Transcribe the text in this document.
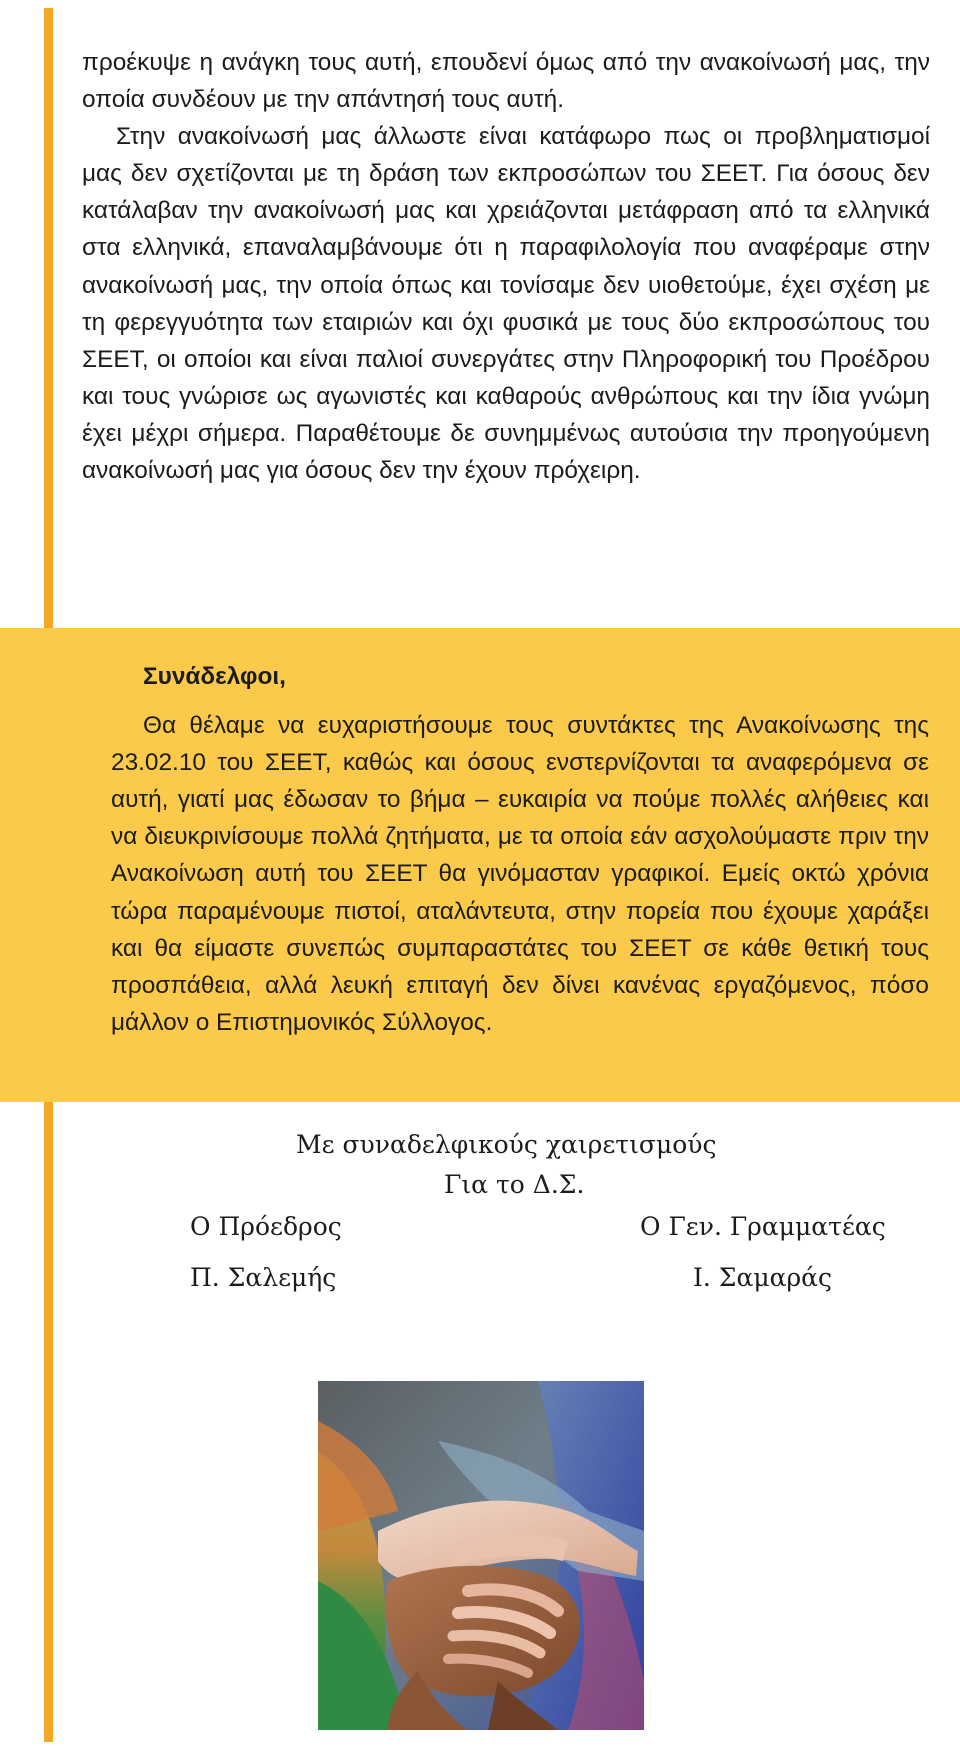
προέκυψε η ανάγκη τους αυτή, επουδενί όμως από την ανακοίνωσή μας, την οποία συνδέουν με την απάντησή τους αυτή.

Στην ανακοίνωσή μας άλλωστε είναι κατάφωρο πως οι προβληματισμοί μας δεν σχετίζονται με τη δράση των εκπροσώπων του ΣΕΕΤ. Για όσους δεν κατάλαβαν την ανακοίνωσή μας και χρειάζονται μετάφραση από τα ελληνικά στα ελληνικά, επαναλαμβάνουμε ότι η παραφιλολογία που αναφέραμε στην ανακοίνωσή μας, την οποία όπως και τονίσαμε δεν υιοθετούμε, έχει σχέση με τη φερεγγυότητα των εταιριών και όχι φυσικά με τους δύο εκπροσώπους του ΣΕΕΤ, οι οποίοι και είναι παλιοί συνεργάτες στην Πληροφορική του Προέδρου και τους γνώρισε ως αγωνιστές και καθαρούς ανθρώπους και την ίδια γνώμη έχει μέχρι σήμερα. Παραθέτουμε δε συνημμένως αυτούσια την προηγούμενη ανακοίνωσή μας για όσους δεν την έχουν πρόχειρη.

Συνάδελφοι,

Θα θέλαμε να ευχαριστήσουμε τους συντάκτες της Ανακοίνωσης της 23.02.10 του ΣΕΕΤ, καθώς και όσους ενστερνίζονται τα αναφερόμενα σε αυτή, γιατί μας έδωσαν το βήμα – ευκαιρία να πούμε πολλές αλήθειες και να διευκρινίσουμε πολλά ζητήματα, με τα οποία εάν ασχολούμαστε πριν την Ανακοίνωση αυτή του ΣΕΕΤ θα γινόμασταν γραφικοί. Εμείς οκτώ χρόνια τώρα παραμένουμε πιστοί, αταλάντευτα, στην πορεία που έχουμε χαράξει και θα είμαστε συνεπώς συμπαραστάτες του ΣΕΕΤ σε κάθε θετική τους προσπάθεια, αλλά λευκή επιταγή δεν δίνει κανένας εργαζόμενος, πόσο μάλλον ο Επιστημονικός Σύλλογος.

Με συναδελφικούς χαιρετισμούς
Για το Δ.Σ.
Ο Πρόεδρος	Ο Γεν. Γραμματέας
Π. Σαλεμής	Ι. Σαμαράς
